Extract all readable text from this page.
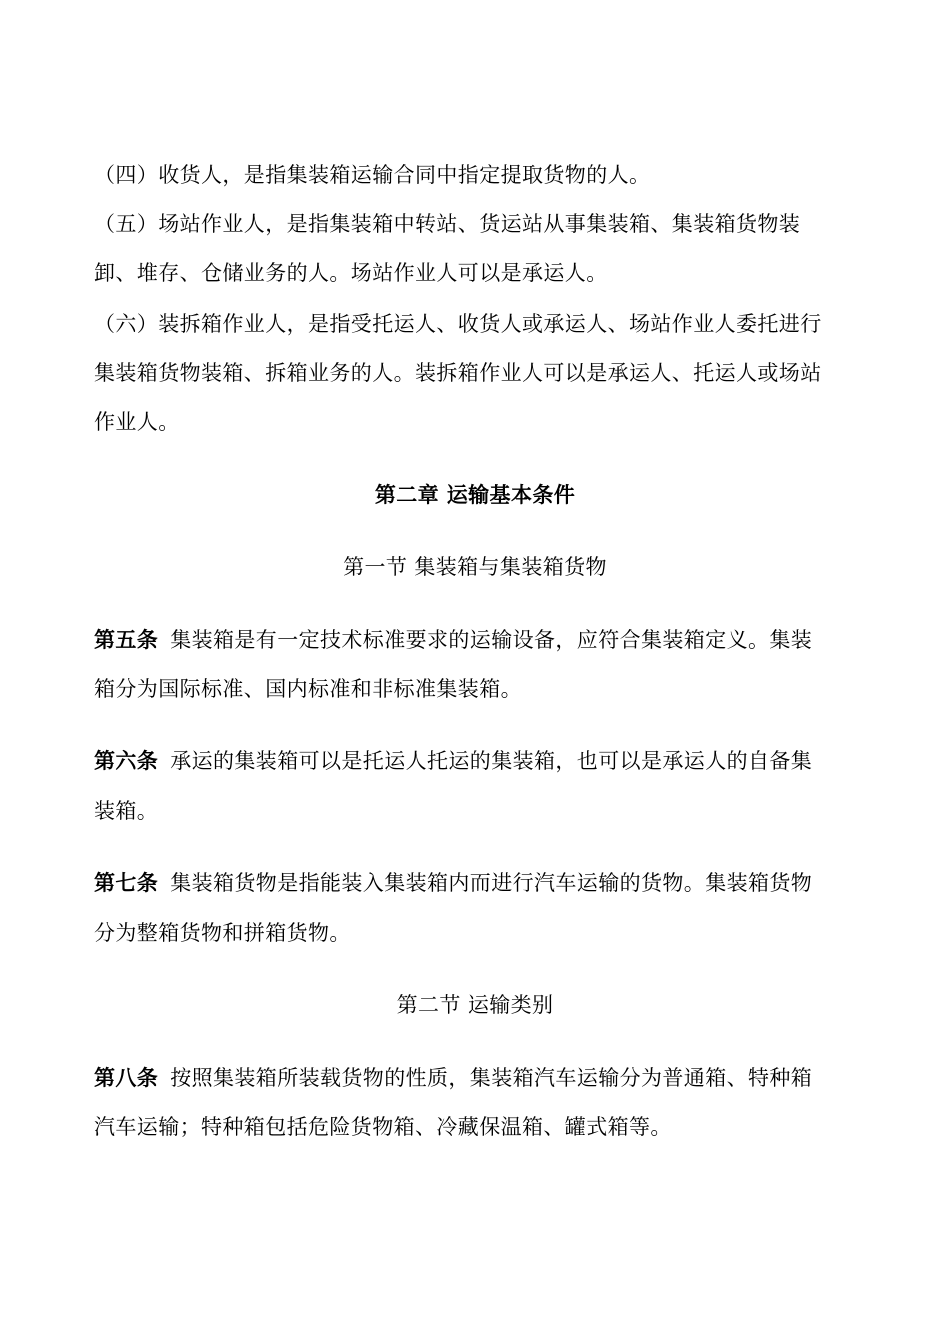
（四）收货人，是指集装箱运输合同中指定提取货物的人。
（五）场站作业人，是指集装箱中转站、货运站从事集装箱、集装箱货物装
卸、堆存、仓储业务的人。场站作业人可以是承运人。
（六）装拆箱作业人，是指受托运人、收货人或承运人、场站作业人委托进行
集装箱货物装箱、拆箱业务的人。装拆箱作业人可以是承运人、托运人或场站
作业人。
第二章 运输基本条件
第一节 集装箱与集装箱货物
第五条 集装箱是有一定技术标准要求的运输设备，应符合集装箱定义。集装
箱分为国际标准、国内标准和非标准集装箱。
第六条 承运的集装箱可以是托运人托运的集装箱，也可以是承运人的自备集
装箱。
第七条 集装箱货物是指能装入集装箱内而进行汽车运输的货物。集装箱货物
分为整箱货物和拼箱货物。
第二节 运输类别
第八条 按照集装箱所装载货物的性质，集装箱汽车运输分为普通箱、特种箱
汽车运输；特种箱包括危险货物箱、冷藏保温箱、罐式箱等。
